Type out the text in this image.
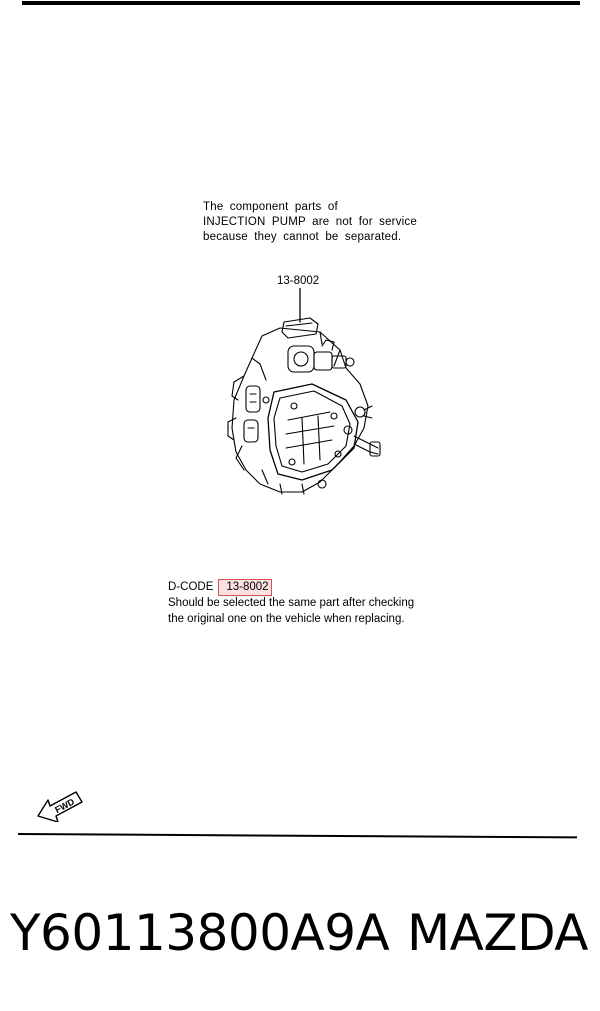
The component parts of
INJECTION PUMP are not for service
because they cannot be separated.
13-8002
D-CODE 13-8002
Should be selected the same part after checking
the original one on the vehicle when replacing.
FWD
Y60113800A9A MAZDA
